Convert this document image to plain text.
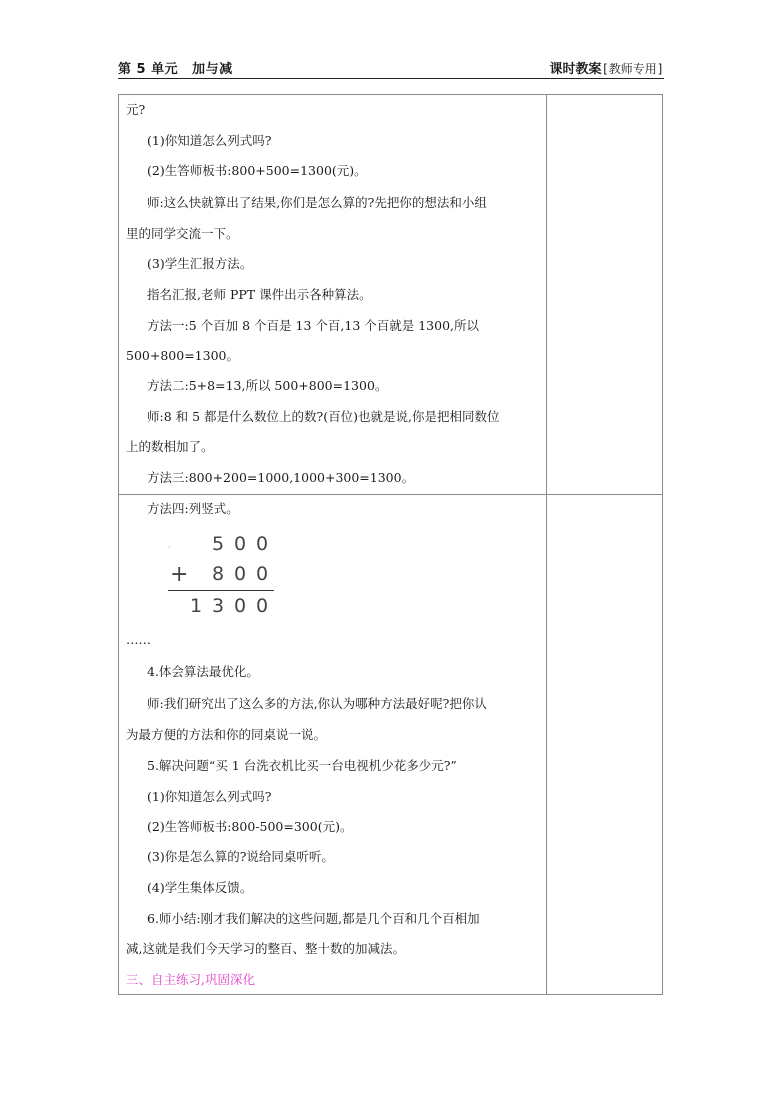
第 5 单元 加与减	课时教案[教师专用]
元?
(1)你知道怎么列式吗?
(2)生答师板书:800+500=1300(元)。
师:这么快就算出了结果,你们是怎么算的?先把你的想法和小组
里的同学交流一下。
(3)学生汇报方法。
指名汇报,老师 PPT 课件出示各种算法。
方法一:5 个百加 8 个百是 13 个百,13 个百就是 1300,所以
500+800=1300。
方法二:5+8=13,所以 500+800=1300。
师:8 和 5 都是什么数位上的数?(百位)也就是说,你是把相同数位
上的数相加了。
方法三:800+200=1000,1000+300=1300。
方法四:列竖式。
· 5 0 0
+ 8 0 0
1 3 0 0
……
4.体会算法最优化。
师:我们研究出了这么多的方法,你认为哪种方法最好呢?把你认
为最方便的方法和你的同桌说一说。
5.解决问题“买 1 台洗衣机比买一台电视机少花多少元?”
(1)你知道怎么列式吗?
(2)生答师板书:800-500=300(元)。
(3)你是怎么算的?说给同桌听听。
(4)学生集体反馈。
6.师小结:刚才我们解决的这些问题,都是几个百和几个百相加
减,这就是我们今天学习的整百、整十数的加减法。
三、自主练习,巩固深化
